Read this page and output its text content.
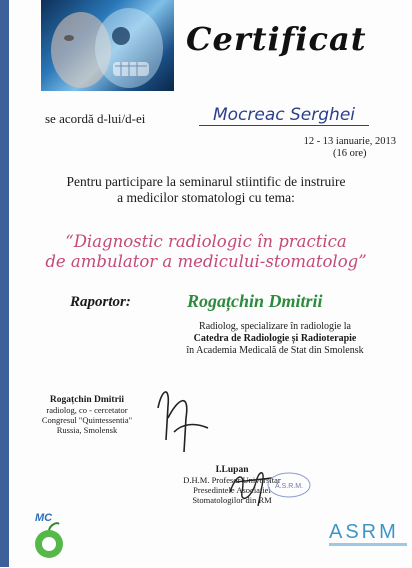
Certificat
se acordă d-lui/d-ei	Mocreac Serghei
12 - 13 ianuarie, 2013
(16 ore)
Pentru participare la seminarul stiintific de instruire
a medicilor stomatologi cu tema:
“Diagnostic radiologic în practica
de ambulator a medicului-stomatolog”
Raportor:	Rogațchin Dmitrii
Radiolog, specializare în radiologie la
Catedra de Radiologie și Radioterapie
în Academia Medicală de Stat din Smolensk
Rogațchin Dmitrii
radiolog, co - cercetator
Congresul "Quintessentia"
Russia, Smolensk
I.Lupan
D.H.M. Profesor Universitar
Presedintele Asociatiei
Stomatologilor din RM
A.S.R.M.
MC
ASRM
